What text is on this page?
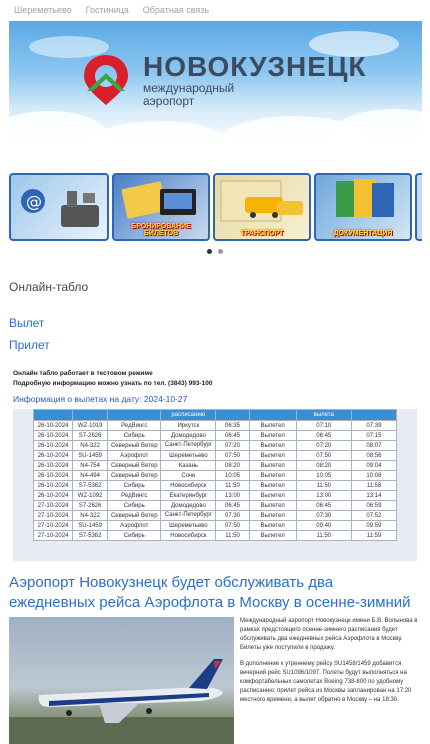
Шереметьево Гостиница Обратная связь
НОВОКУЗНЕЦК
международный
аэропорт
@
БРОНИРОВАНИЕ БИЛЕТОВ	ТРАНСПОРТ	ДОКУМЕНТАЦИЯ
Онлайн-табло
Вылет
Прилет
Онлайн табло работает в тестовом режиме
Подробную информацию можно узнать по тел. (3843) 993-100
Информация о вылетах на дату: 2024-10-27
			расписанию			вылета	
26-10-2024	WZ-1019	РедВингс	Иркутск	06:35	Вылетел	07:10	07:39
26-10-2024	S7-2626	Сибирь	Домодедово	06:45	Вылетел	06:45	07:15
26-10-2024	N4-322	Северный Ветер	Санкт-Петербург	07:20	Вылетел	07:20	08:07
26-10-2024	SU-1459	Аэрофлот	Шереметьево	07:50	Вылетел	07:50	08:56
26-10-2024	N4-754	Северный Ветер	Казань	08:20	Вылетел	08:20	09:04
26-10-2024	N4-494	Северный Ветер	Сочи	10:05	Вылетел	10:05	10:08
26-10-2024	S7-5362	Сибирь	Новосибирск	11:50	Вылетел	11:50	11:58
26-10-2024	WZ-1092	РедВингс	Екатеринбург	13:00	Вылетел	13:00	13:14
27-10-2024	S7-2626	Сибирь	Домодедово	06:45	Вылетел	06:45	06:59
27-10-2024	N4-322	Северный Ветер	Санкт-Петербург	07:30	Вылетел	07:30	07:52
27-10-2024	SU-1459	Аэрофлот	Шереметьево	07:50	Вылетел	09:40	09:59
27-10-2024	S7-5362	Сибирь	Новосибирск	11:50	Вылетел	11:50	11:59
Аэропорт Новокузнецк будет обслуживать два ежедневных рейса Аэрофлота в Москву в осенне-зимний

Международный аэропорт Новокузнецк имени Б.В. Волынова в рамках предстоящего осенне-зимнего расписания будет обслуживать два ежедневных рейса Аэрофлота в Москву. Билеты уже поступили в продажу.

В дополнение к утреннему рейсу SU1458/1459 добавится вечерний рейс SU1096/1097. Полеты будут выполняться на комфортабельных самолетах Boeing 738-800 по удобному расписанию: прилет рейса из Москвы запланирован на 17:20 местного времени, а вылет обратно в Москву – на 18:30.
